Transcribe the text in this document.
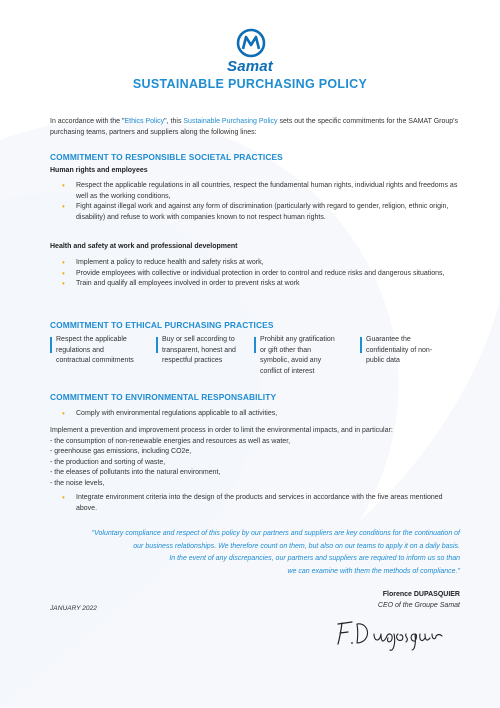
Samat
SUSTAINABLE PURCHASING POLICY
In accordance with the "Ethics Policy", this Sustainable Purchasing Policy sets out the specific commitments for the SAMAT Group's purchasing teams, partners and suppliers along the following lines:
COMMITMENT TO RESPONSIBLE SOCIETAL PRACTICES
Human rights and employees
• Respect the applicable regulations in all countries, respect the fundamental human rights, individual rights and freedoms as well as the working conditions,
• Fight against illegal work and against any form of discrimination (particularly with regard to gender, religion, ethnic origin, disability) and refuse to work with companies known to not respect human rights.
Health and safety at work and professional development
• Implement a policy to reduce health and safety risks at work,
• Provide employees with collective or individual protection in order to control and reduce risks and dangerous situations,
• Train and qualify all employees involved in order to prevent risks at work
COMMITMENT TO ETHICAL PURCHASING PRACTICES
Respect the applicable regulations and contractual commitments
Buy or sell according to transparent, honest and respectful practices
Prohibit any gratification or gift other than symbolic, avoid any conflict of interest
Guarantee the confidentiality of non-public data
COMMITMENT TO ENVIRONMENTAL RESPONSABILITY
• Comply with environmental regulations applicable to all activities,
Implement a prevention and improvement process in order to limit the environmental impacts, and in particular:
- the consumption of non-renewable energies and resources as well as water,
- greenhouse gas emissions, including CO2e,
- the production and sorting of waste,
- the eleases of pollutants into the natural environment,
- the noise levels,
• Integrate environment criteria into the design of the products and services in accordance with the five areas mentioned above.
"Voluntary compliance and respect of this policy by our partners and suppliers are key conditions for the continuation of
our business relationships. We therefore count on them, but also on our teams to apply it on a daily basis.
In the event of any discrepancies, our partners and suppliers are required to inform us so than
we can examine with them the methods of compliance."
JANUARY 2022
Florence DUPASQUIER
CEO of the Groupe Samat
